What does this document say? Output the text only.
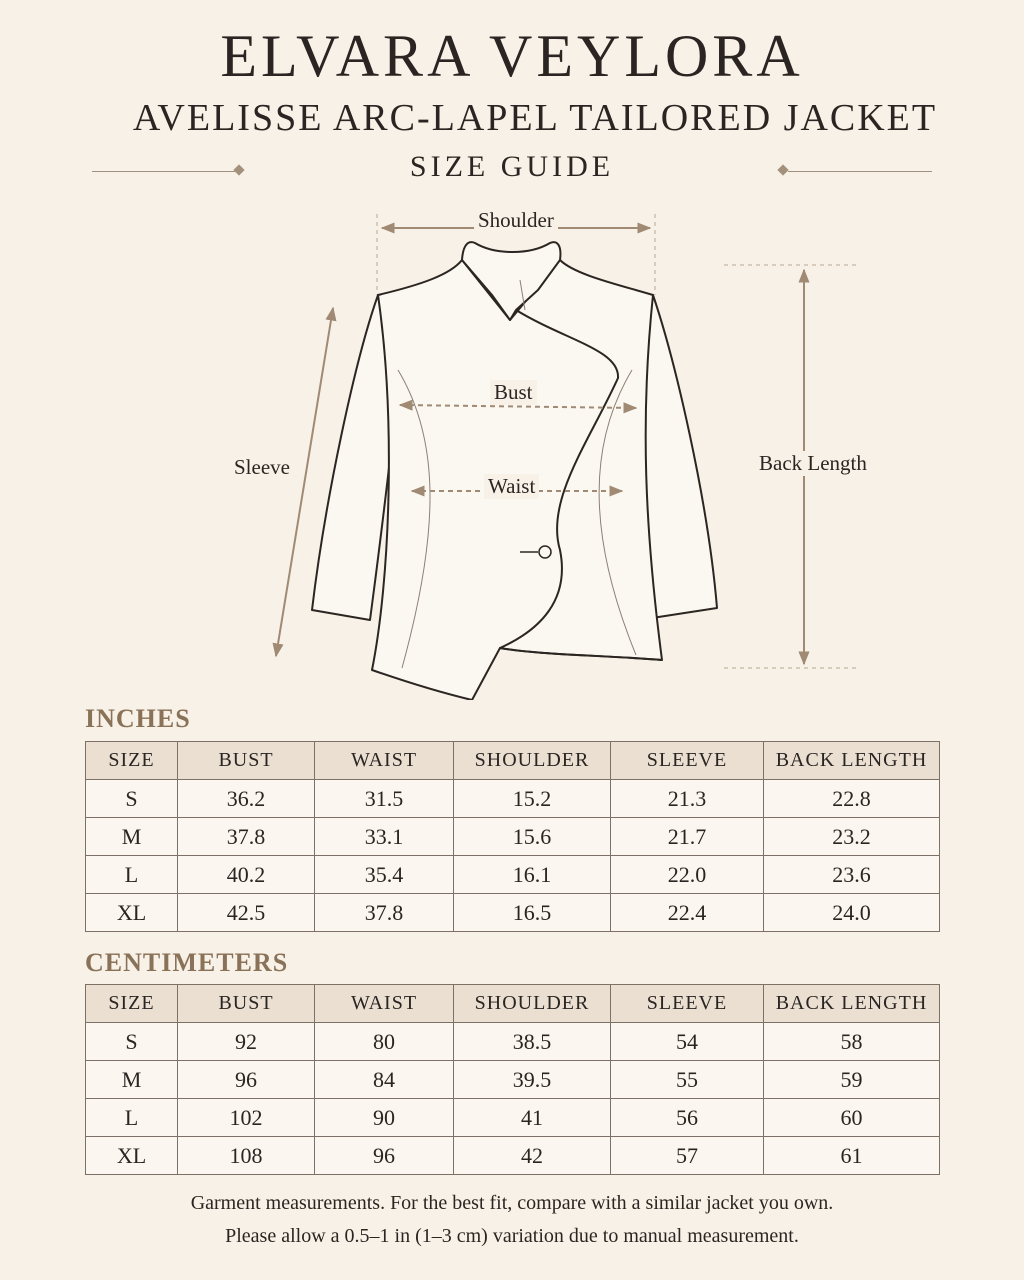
ELVARA VEYLORA
AVELISSE ARC-LAPEL TAILORED JACKET
SIZE GUIDE
Shoulder
Bust
Waist
Sleeve	Back Length
INCHES
SIZE	BUST	WAIST	SHOULDER	SLEEVE	BACK LENGTH
S	36.2	31.5	15.2	21.3	22.8
M	37.8	33.1	15.6	21.7	23.2
L	40.2	35.4	16.1	22.0	23.6
XL	42.5	37.8	16.5	22.4	24.0
CENTIMETERS
SIZE	BUST	WAIST	SHOULDER	SLEEVE	BACK LENGTH
S	92	80	38.5	54	58
M	96	84	39.5	55	59
L	102	90	41	56	60
XL	108	96	42	57	61
Garment measurements. For the best fit, compare with a similar jacket you own.
Please allow a 0.5–1 in (1–3 cm) variation due to manual measurement.
